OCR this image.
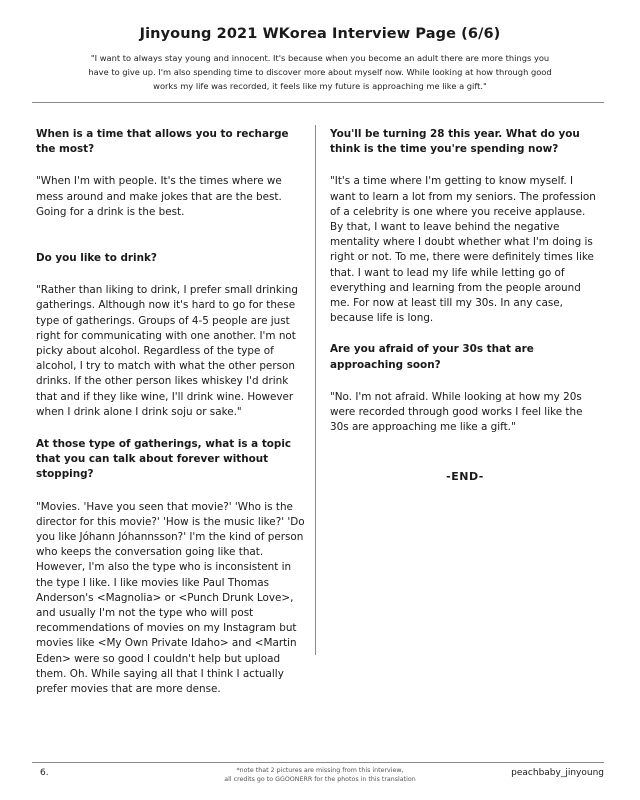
Jinyoung 2021 WKorea Interview Page (6/6)
"I want to always stay young and innocent. It's because when you become an adult there are more things you have to give up. I'm also spending time to discover more about myself now. While looking at how through good works my life was recorded, it feels like my future is approaching me like a gift."
When is a time that allows you to recharge the most?
"When I'm with people. It's the times where we mess around and make jokes that are the best. Going for a drink is the best.
Do you like to drink?
"Rather than liking to drink, I prefer small drinking gatherings. Although now it's hard to go for these type of gatherings. Groups of 4-5 people are just right for communicating with one another. I'm not picky about alcohol. Regardless of the type of alcohol, I try to match with what the other person drinks. If the other person likes whiskey I'd drink that and if they like wine, I'll drink wine. However when I drink alone I drink soju or sake."
At those type of gatherings, what is a topic that you can talk about forever without stopping?
"Movies. 'Have you seen that movie?' 'Who is the director for this movie?' 'How is the music like?' 'Do you like Jóhann Jóhannsson?' I'm the kind of person who keeps the conversation going like that. However, I'm also the type who is inconsistent in the type I like. I like movies like Paul Thomas Anderson's <Magnolia> or <Punch Drunk Love>, and usually I'm not the type who will post recommendations of movies on my Instagram but movies like <My Own Private Idaho> and <Martin Eden> were so good I couldn't help but upload them. Oh. While saying all that I think I actually prefer movies that are more dense.
You'll be turning 28 this year. What do you think is the time you're spending now?
"It's a time where I'm getting to know myself. I want to learn a lot from my seniors. The profession of a celebrity is one where you receive applause. By that, I want to leave behind the negative mentality where I doubt whether what I'm doing is right or not. To me, there were definitely times like that. I want to lead my life while letting go of everything and learning from the people around me. For now at least till my 30s. In any case, because life is long.
Are you afraid of your 30s that are approaching soon?
"No. I'm not afraid. While looking at how my 20s were recorded through good works I feel like the 30s are approaching me like a gift."
-END-
6.	*note that 2 pictures are missing from this interview,
all credits go to GGOONERR for the photos in this translation
peachbaby_jinyoung
